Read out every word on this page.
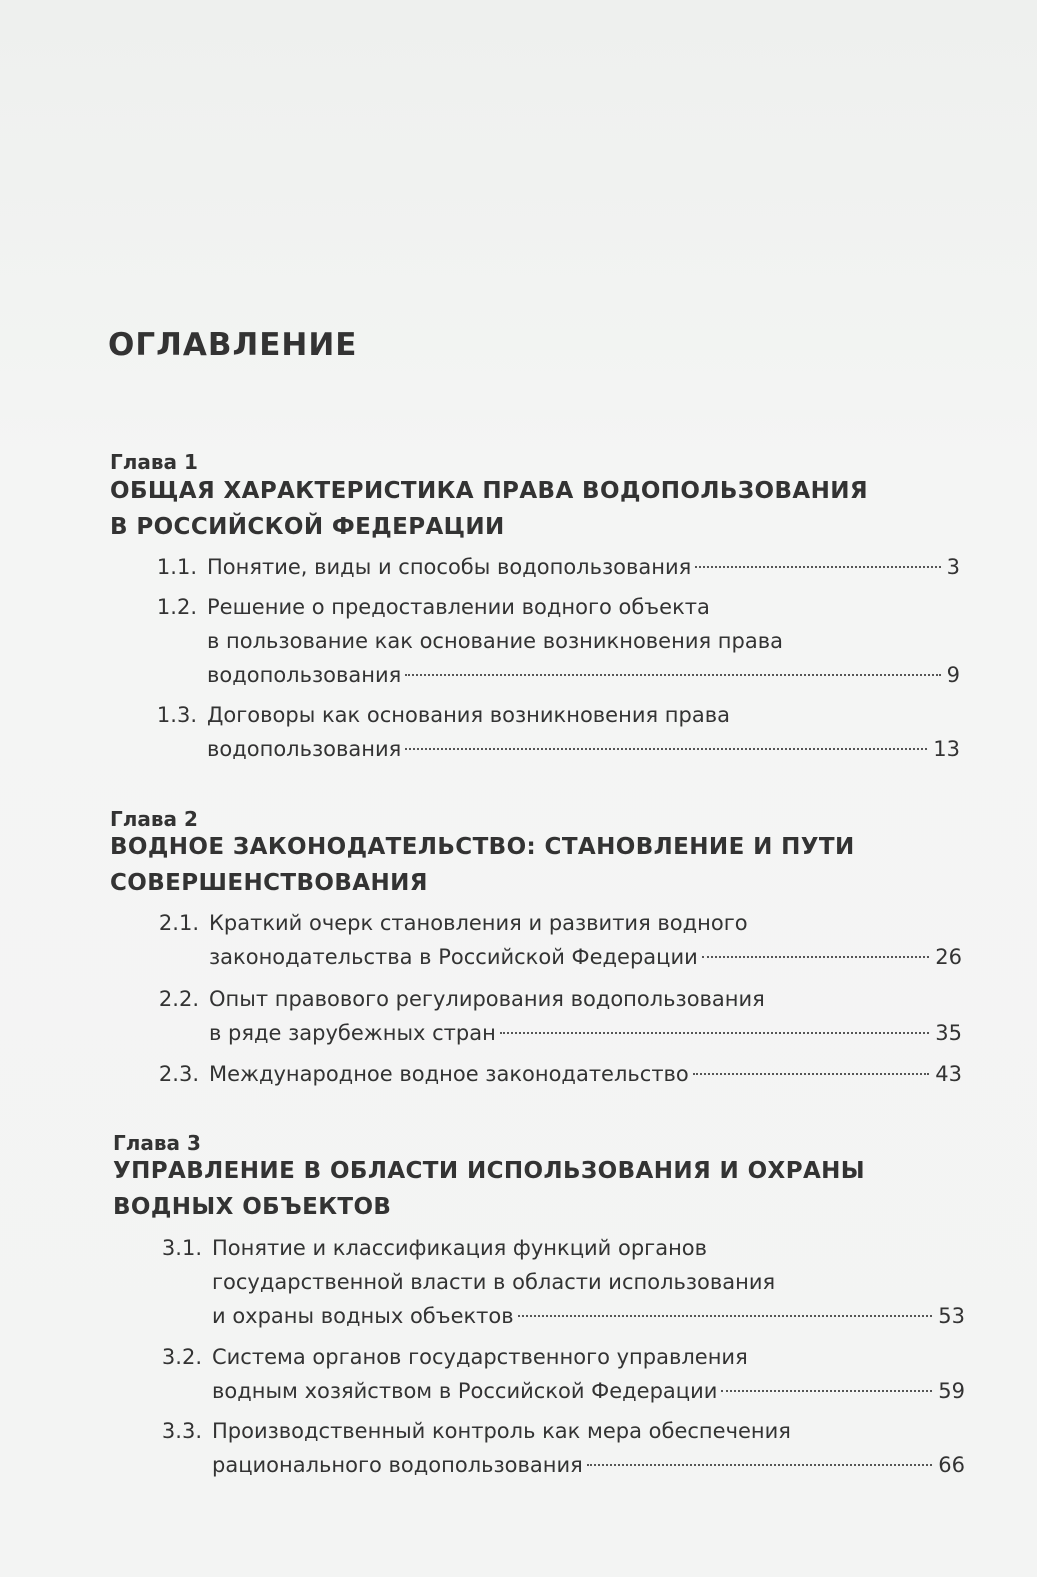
ОГЛАВЛЕНИЕ
Глава 1
ОБЩАЯ ХАРАКТЕРИСТИКА ПРАВА ВОДОПОЛЬЗОВАНИЯ
В РОССИЙСКОЙ ФЕДЕРАЦИИ
1.1. Понятие, виды и способы водопользования	3
1.2. Решение о предоставлении водного объекта
в пользование как основание возникновения права
водопользования	9
1.3. Договоры как основания возникновения права
водопользования	13
Глава 2
ВОДНОЕ ЗАКОНОДАТЕЛЬСТВО: СТАНОВЛЕНИЕ И ПУТИ
СОВЕРШЕНСТВОВАНИЯ
2.1. Краткий очерк становления и развития водного
законодательства в Российской Федерации	26
2.2. Опыт правового регулирования водопользования
в ряде зарубежных стран	35
2.3. Международное водное законодательство	43
Глава 3
УПРАВЛЕНИЕ В ОБЛАСТИ ИСПОЛЬЗОВАНИЯ И ОХРАНЫ
ВОДНЫХ ОБЪЕКТОВ
3.1. Понятие и классификация функций органов
государственной власти в области использования
и охраны водных объектов	53
3.2. Система органов государственного управления
водным хозяйством в Российской Федерации	59
3.3. Производственный контроль как мера обеспечения
рационального водопользования	66
